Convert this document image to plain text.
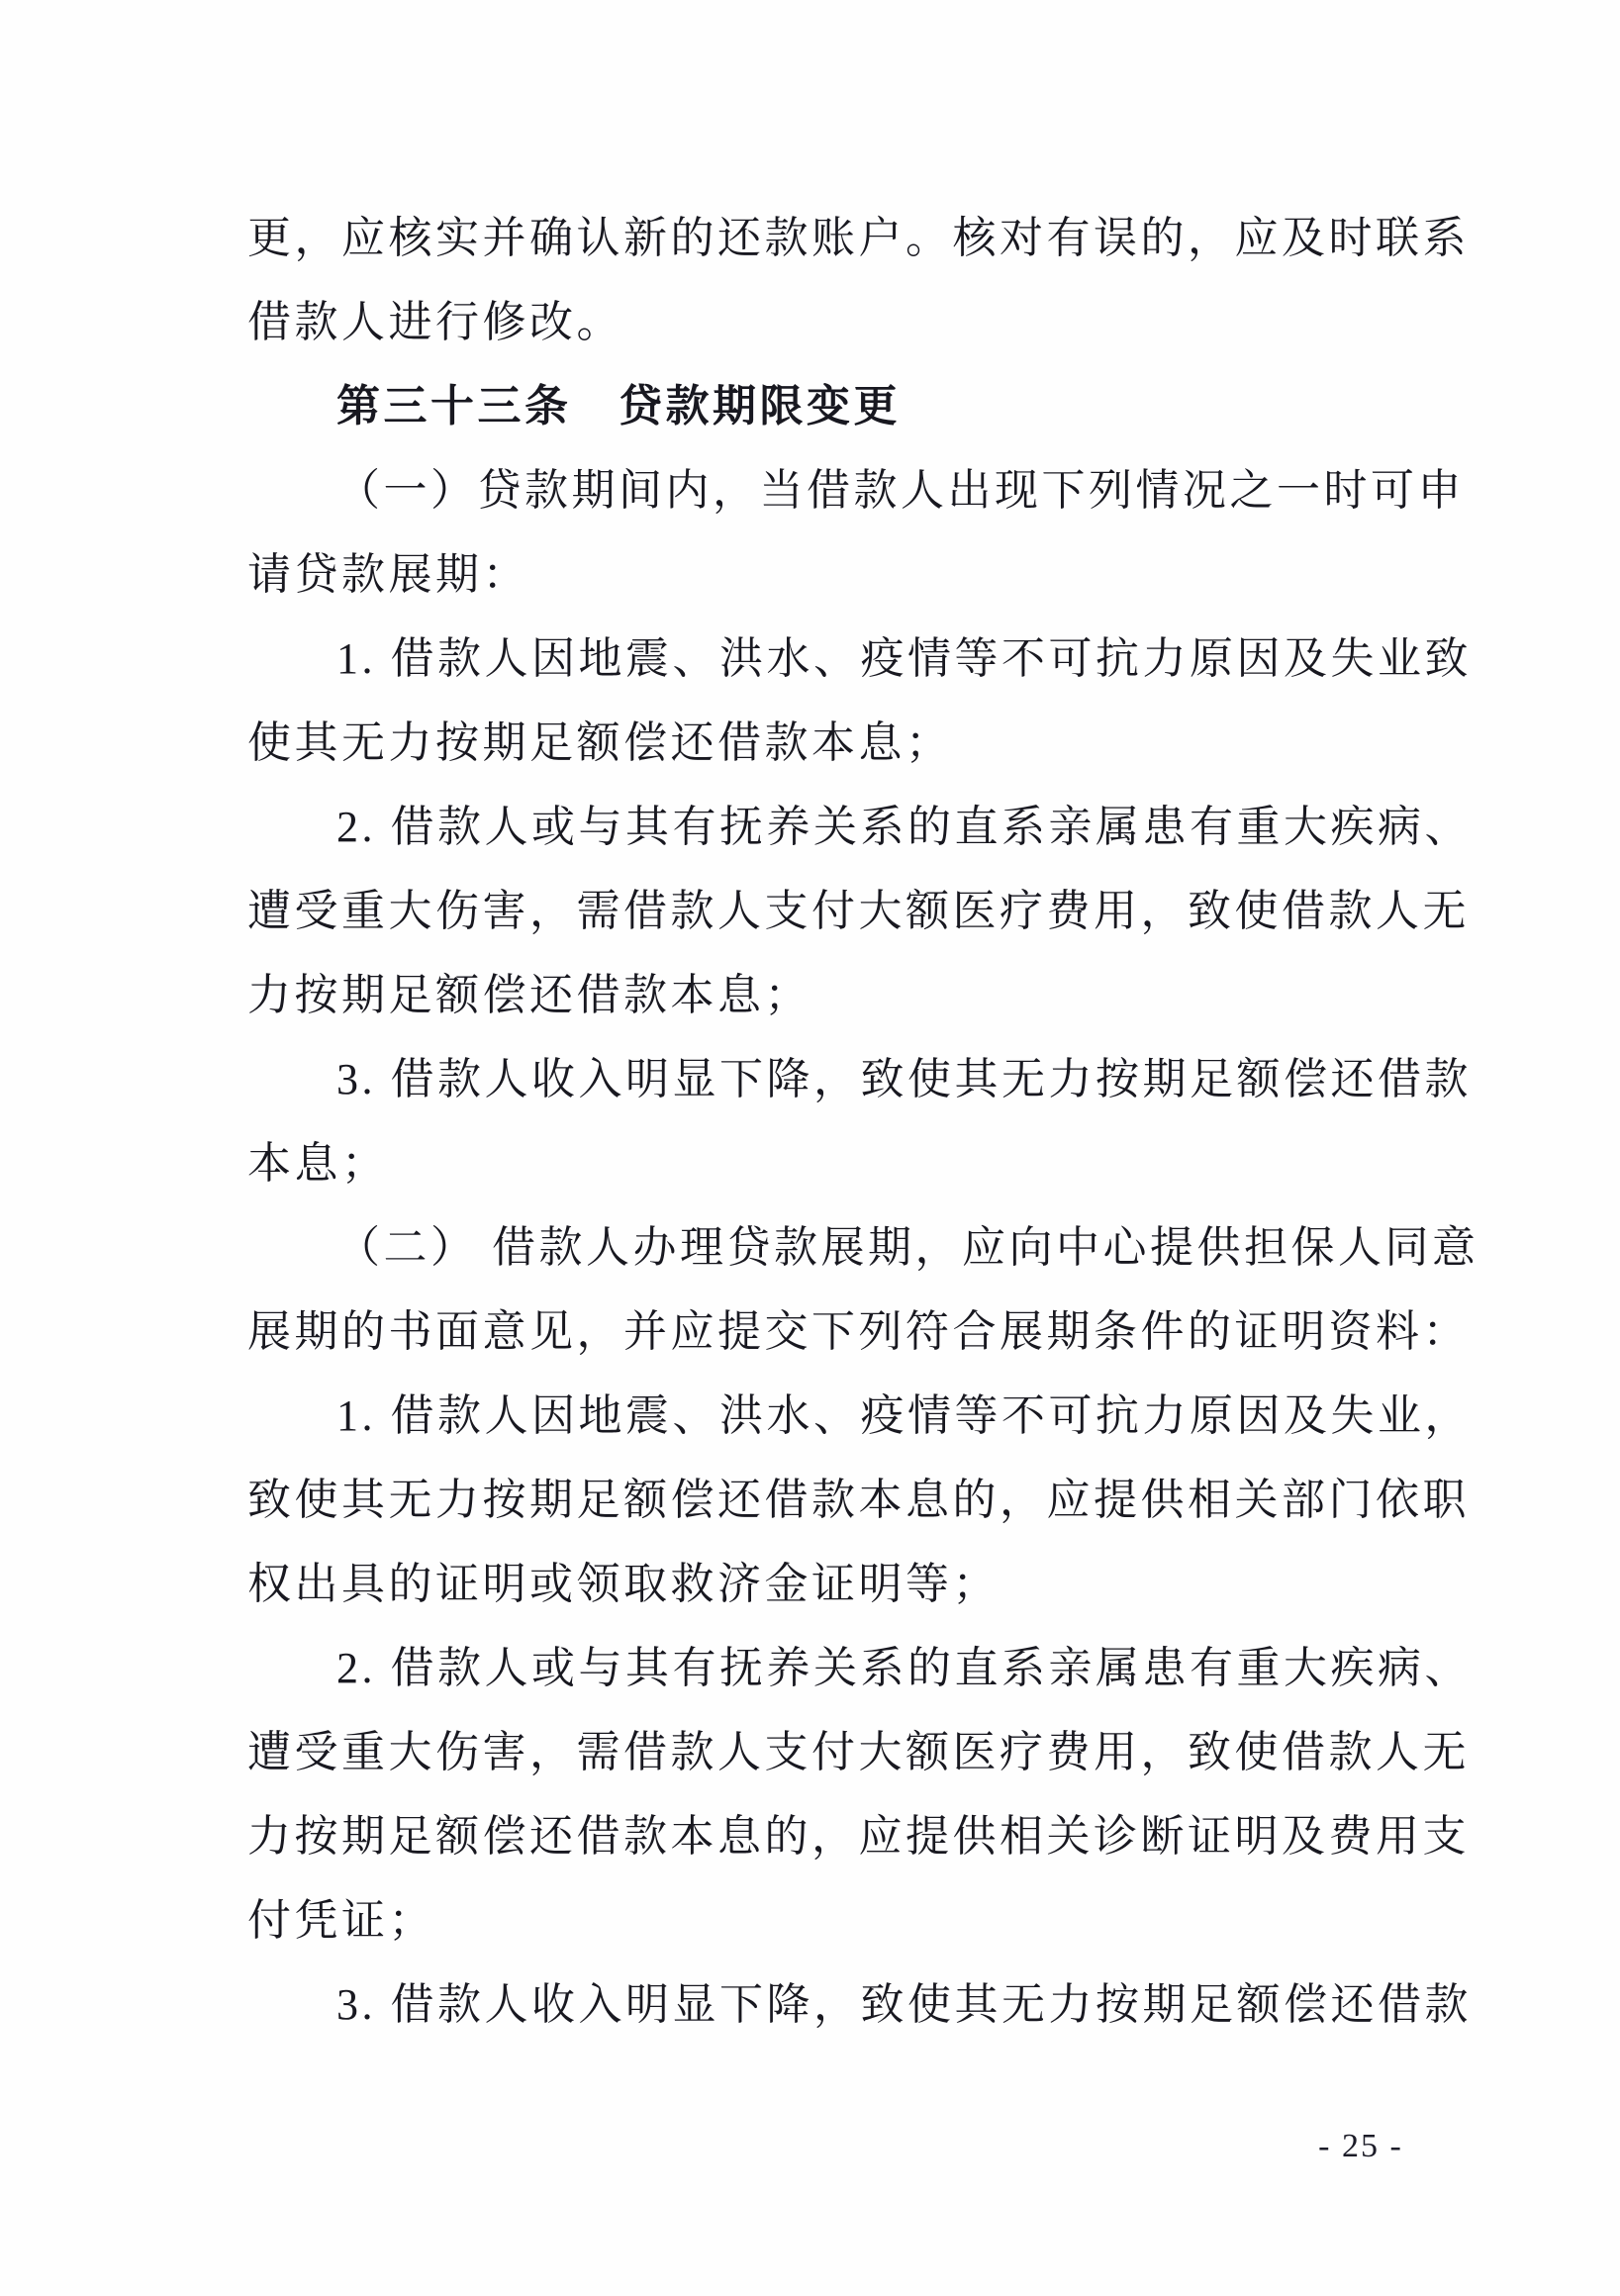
更，应核实并确认新的还款账户。核对有误的，应及时联系
借款人进行修改。
第三十三条　贷款期限变更
（一）贷款期间内，当借款人出现下列情况之一时可申
请贷款展期：
1. 借款人因地震、洪水、疫情等不可抗力原因及失业致
使其无力按期足额偿还借款本息；
2. 借款人或与其有抚养关系的直系亲属患有重大疾病、
遭受重大伤害，需借款人支付大额医疗费用，致使借款人无
力按期足额偿还借款本息；
3. 借款人收入明显下降，致使其无力按期足额偿还借款
本息；
（二） 借款人办理贷款展期，应向中心提供担保人同意
展期的书面意见，并应提交下列符合展期条件的证明资料：
1. 借款人因地震、洪水、疫情等不可抗力原因及失业，
致使其无力按期足额偿还借款本息的，应提供相关部门依职
权出具的证明或领取救济金证明等；
2. 借款人或与其有抚养关系的直系亲属患有重大疾病、
遭受重大伤害，需借款人支付大额医疗费用，致使借款人无
力按期足额偿还借款本息的，应提供相关诊断证明及费用支
付凭证；
3. 借款人收入明显下降，致使其无力按期足额偿还借款
- 25 -
